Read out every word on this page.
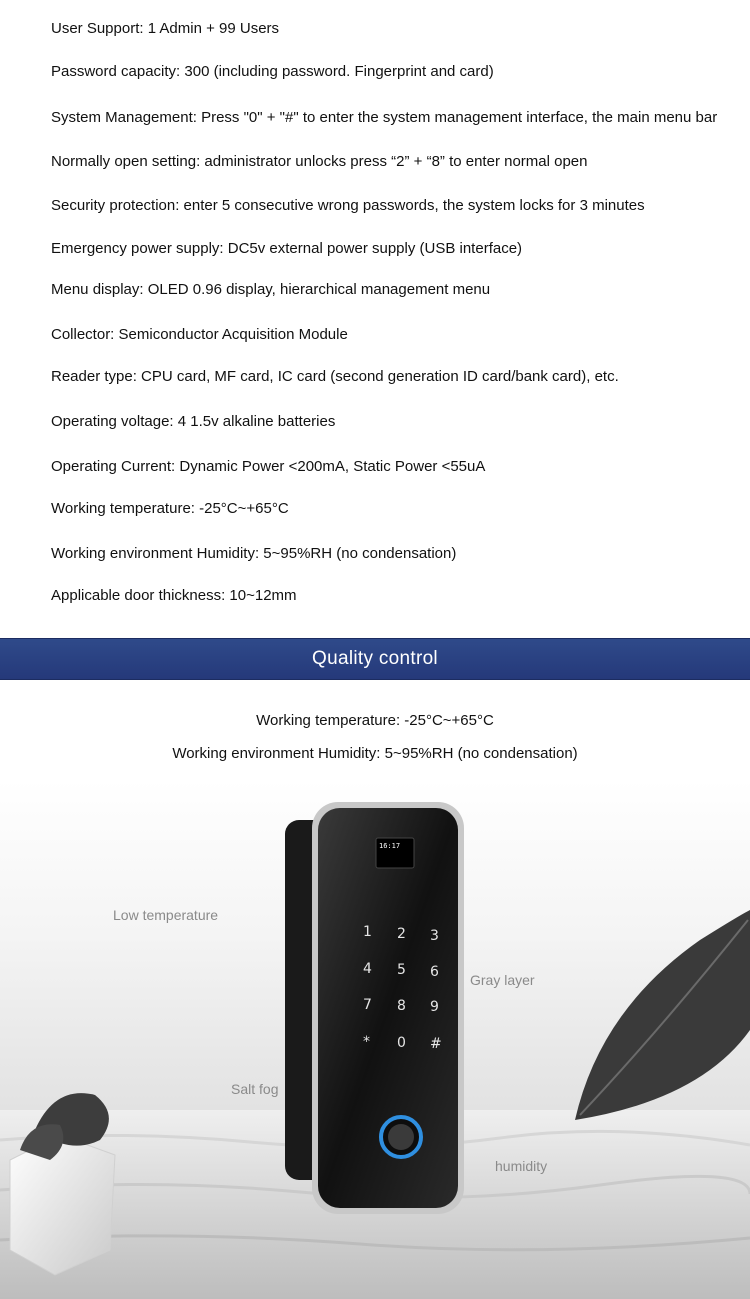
User Support: 1 Admin + 99 Users
Password capacity: 300 (including password. Fingerprint and card)
System Management: Press "0" + "#" to enter the system management interface, the main menu bar
Normally open setting: administrator unlocks press “2” + “8” to enter normal open
Security protection: enter 5 consecutive wrong passwords, the system locks for 3 minutes
Emergency power supply: DC5v external power supply (USB interface)
Menu display: OLED 0.96 display, hierarchical management menu
Collector: Semiconductor Acquisition Module
Reader type: CPU card, MF card, IC card (second generation ID card/bank card), etc.
Operating voltage: 4 1.5v alkaline batteries
Operating Current: Dynamic Power <200mA, Static Power <55uA
Working temperature: -25°C~+65°C
Working environment Humidity: 5~95%RH (no condensation)
Applicable door thickness: 10~12mm
Quality control
Working temperature: -25°C~+65°C
Working environment Humidity: 5~95%RH (no condensation)
16:17
1 2 3
4 5 6
7 8 9
* 0 #
Low temperature
Gray layer
Salt fog
humidity
